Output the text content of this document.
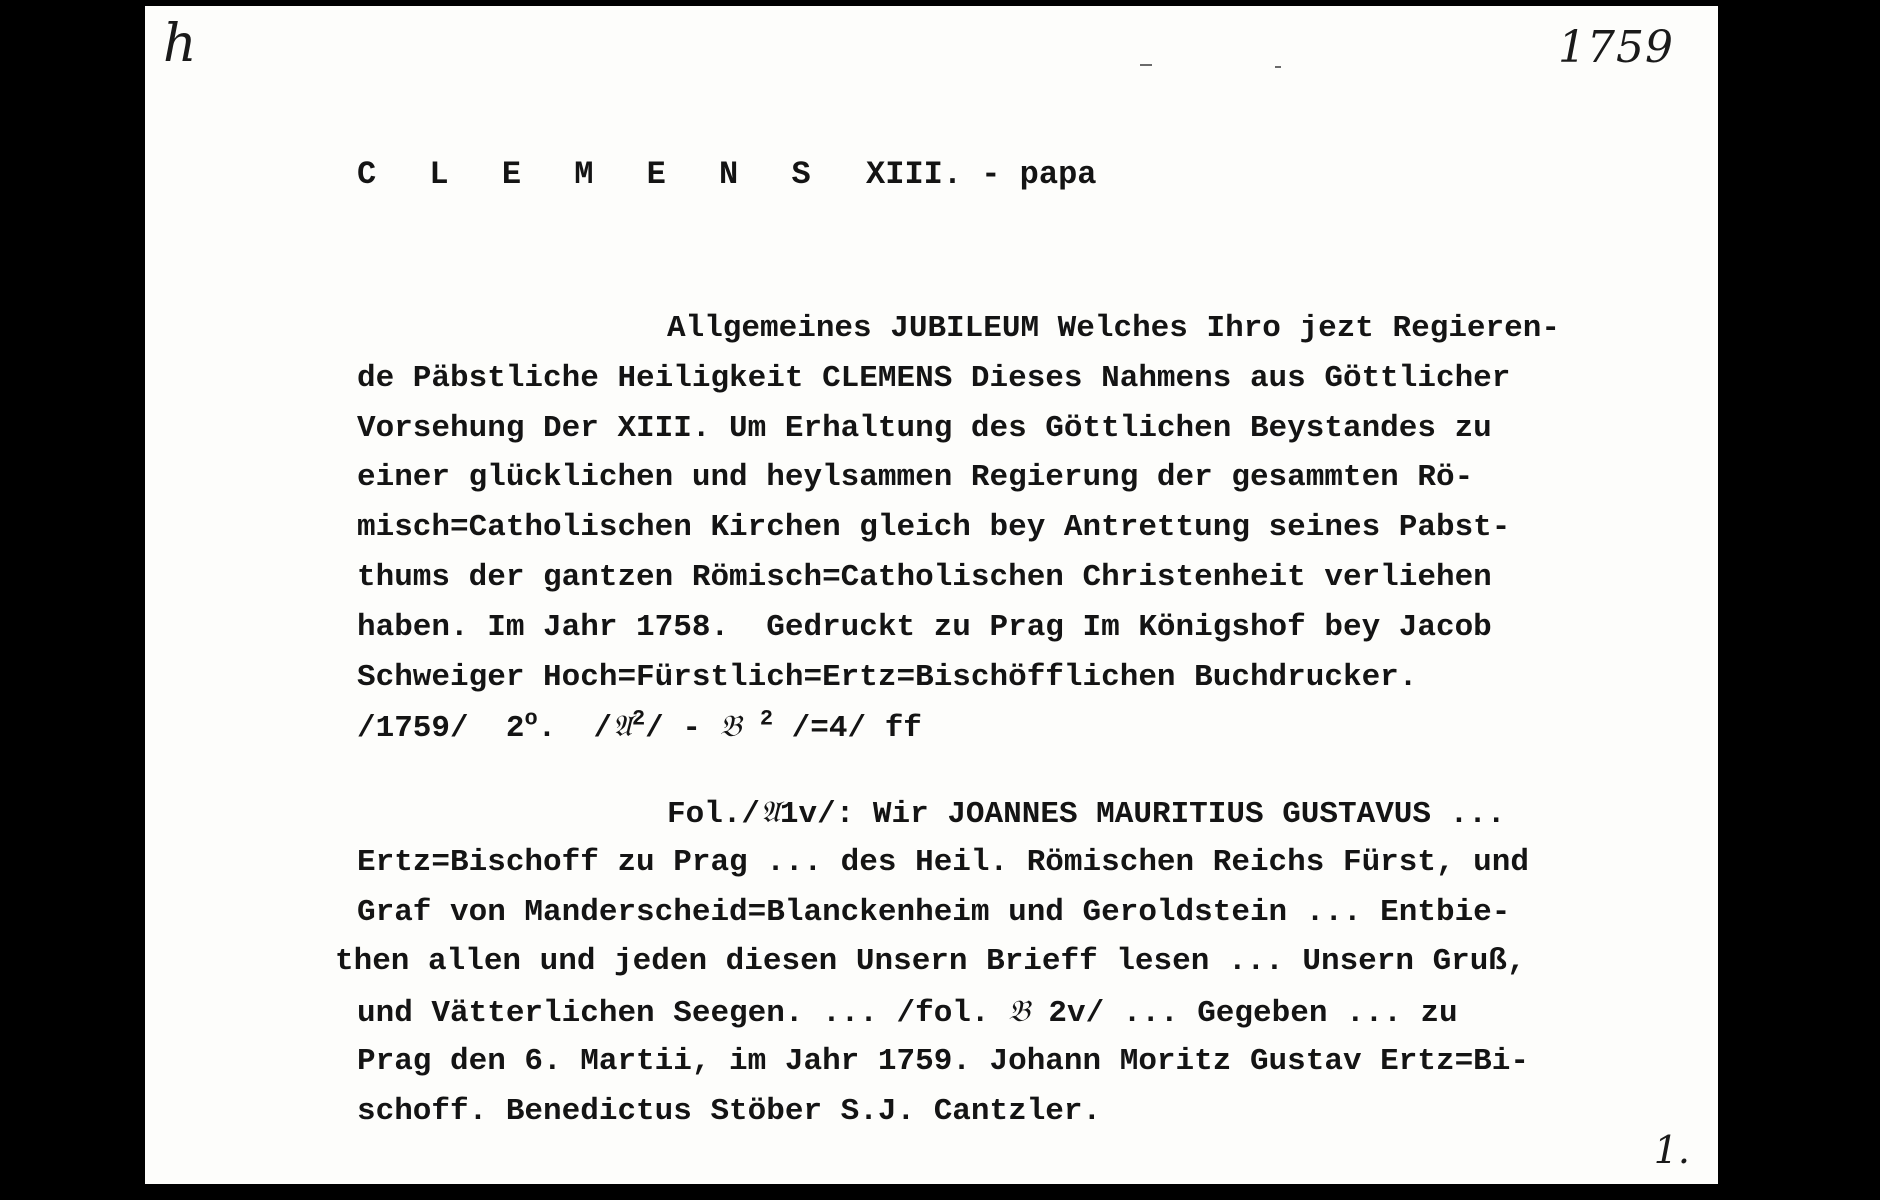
h	1759
C L E M E N S XIII. - papa
Allgemeines JUBILEUM Welches Ihro jezt Regieren-
de Päbstliche Heiligkeit CLEMENS Dieses Nahmens aus Göttlicher
Vorsehung Der XIII. Um Erhaltung des Göttlichen Beystandes zu
einer glücklichen und heylsammen Regierung der gesammten Rö-
misch=Catholischen Kirchen gleich bey Antrettung seines Pabst-
thums der gantzen Römisch=Catholischen Christenheit verliehen
haben. Im Jahr 1758.  Gedruckt zu Prag Im Königshof bey Jacob
Schweiger Hoch=Fürstlich=Ertz=Bischöfflichen Buchdrucker.
/1759/ 2$^o$.  /𝔄$^2$/ - 𝔅 $^2$ /=4/ ff
Fol./𝔄1v/: Wir JOANNES MAURITIUS GUSTAVUS ...
Ertz=Bischoff zu Prag ... des Heil. Römischen Reichs Fürst, und
Graf von Manderscheid=Blanckenheim und Geroldstein ... Entbie-
then allen und jeden diesen Unsern Brieff lesen ... Unsern Gruß,
und Vätterlichen Seegen. ... /fol. 𝔅 2v/ ... Gegeben ... zu
Prag den 6. Martii, im Jahr 1759. Johann Moritz Gustav Ertz=Bi-
schoff. Benedictus Stöber S.J. Cantzler.
1.
